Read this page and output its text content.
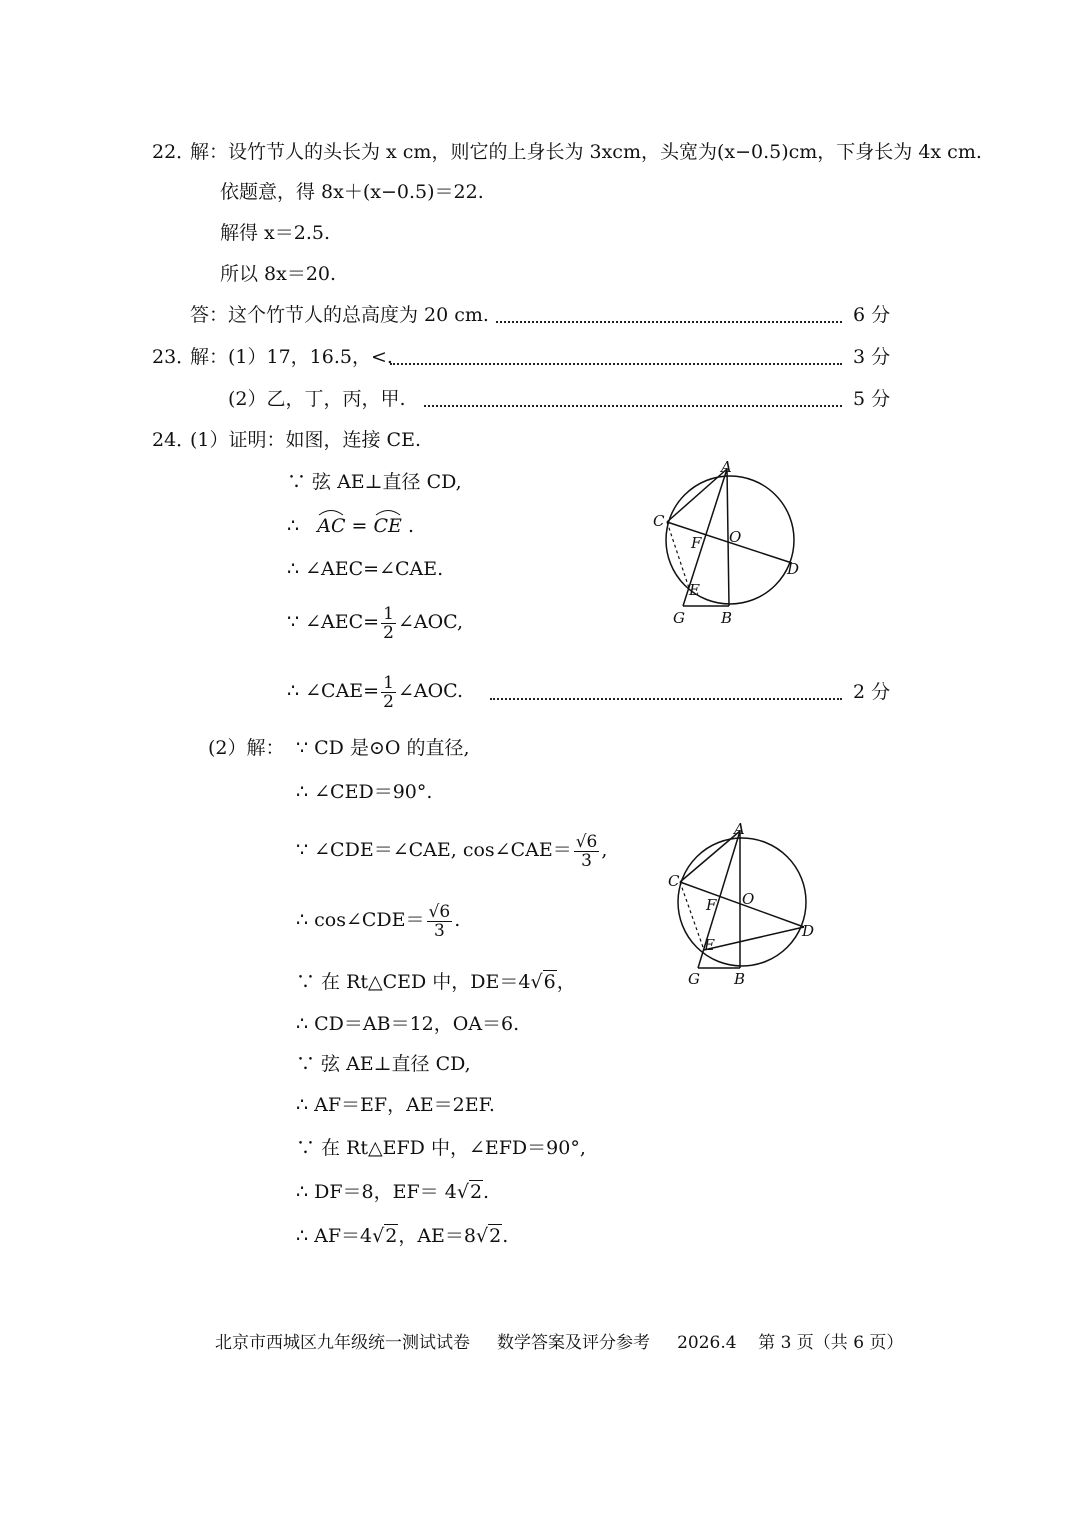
22．
解：设竹节人的头长为 x cm，则它的上身长为 3xcm，头宽为(x−0.5)cm，下身长为 4x cm.
依题意，得 8x＋(x−0.5)＝22.
解得 x＝2.5.
所以 8x＝20.
答：这个竹节人的总高度为 20 cm.	6 分
23．
解：(1）17，16.5，<.	3 分
(2）乙，丁，丙，甲.	5 分
24．
(1）证明：如图，连接 CE.
∵ 弦 AE⊥直径 CD,
∴ AC = CE .
∴ ∠AEC=∠CAE.
∵ ∠AEC= $\frac{1}{2}$ ∠AOC,
∴ ∠CAE= $\frac{1}{2}$ ∠AOC.	2 分
A
C
F O
D
E
G B
(2）解： ∵ CD 是⊙O 的直径,
∴ ∠CED＝90°.
∵ ∠CDE＝∠CAE, cos∠CAE＝ $\frac{√6}{3}$ ,
∴ cos∠CDE＝ $\frac{√6}{3}$ .
∵ 在 Rt△CED 中，DE＝4√6，
∴ CD＝AB＝12，OA＝6.
∵ 弦 AE⊥直径 CD,
∴ AF＝EF，AE＝2EF.
∵ 在 Rt△EFD 中，∠EFD＝90°,
∴ DF＝8，EF＝ 4√2.
∴ AF＝4√2，AE＝8√2.
A
C
F O
D
E
G B
北京市西城区九年级统一测试试卷 数学答案及评分参考 2026.4 第 3 页（共 6 页）
